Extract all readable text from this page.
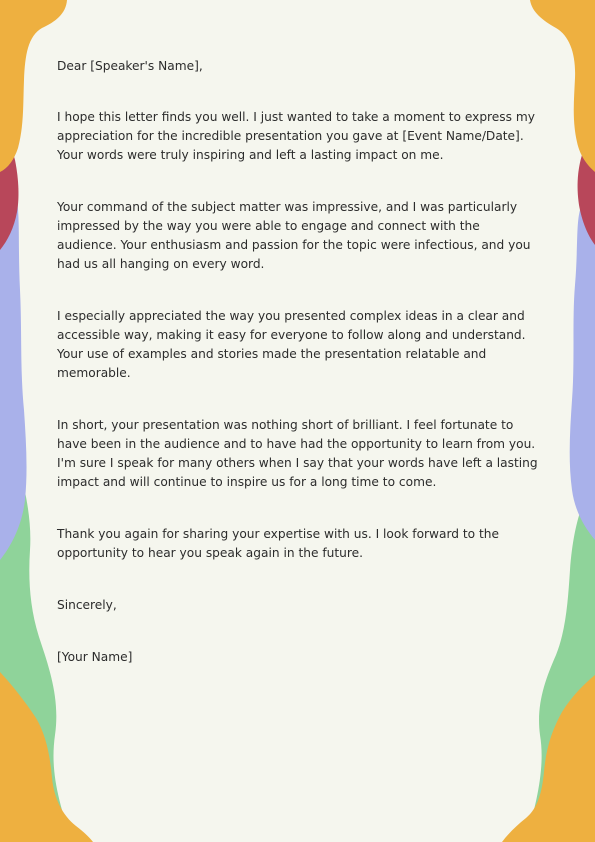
Dear [Speaker's Name],

I hope this letter finds you well. I just wanted to take a moment to express my appreciation for the incredible presentation you gave at [Event Name/Date]. Your words were truly inspiring and left a lasting impact on me.

Your command of the subject matter was impressive, and I was particularly impressed by the way you were able to engage and connect with the audience. Your enthusiasm and passion for the topic were infectious, and you had us all hanging on every word.

I especially appreciated the way you presented complex ideas in a clear and accessible way, making it easy for everyone to follow along and understand. Your use of examples and stories made the presentation relatable and memorable.

In short, your presentation was nothing short of brilliant. I feel fortunate to have been in the audience and to have had the opportunity to learn from you. I'm sure I speak for many others when I say that your words have left a lasting impact and will continue to inspire us for a long time to come.

Thank you again for sharing your expertise with us. I look forward to the opportunity to hear you speak again in the future.

Sincerely,

[Your Name]
